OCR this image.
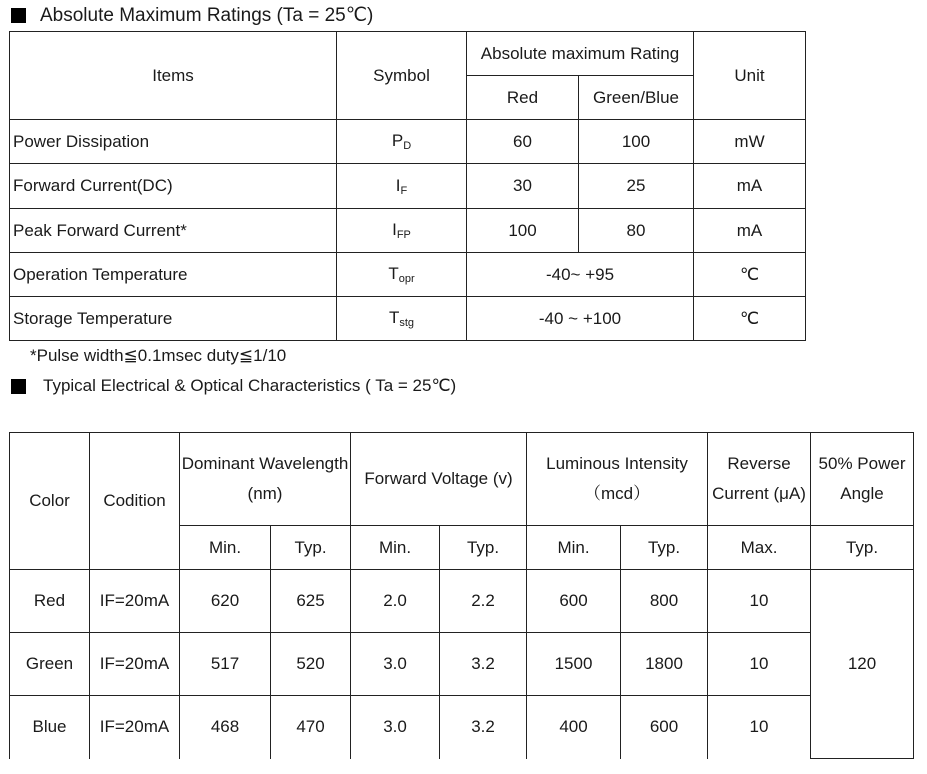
Absolute Maximum Ratings (Ta = 25℃)
Items	Symbol	Absolute maximum Rating		Unit
		Red	Green/Blue	
Power Dissipation	$P_D$	60	100	mW
Forward Current(DC)	$I_F$	30	25	mA
Peak Forward Current*	$I_{FP}$	100	80	mA
Operation Temperature	$T_{opr}$	-40~ +95		℃
Storage Temperature	$T_{stg}$	-40 ~ +100		℃
*Pulse width≦0.1msec duty≦1/10
Typical Electrical & Optical Characteristics ( Ta = 25℃)
Color	Codition	Dominant Wavelength (nm)		Forward Voltage (v)		Luminous Intensity （mcd）		Reverse Current (μA)	50% Power Angle
		Min.	Typ.	Min.	Typ.	Min.	Typ.	Max.	Typ.
Red	IF=20mA	620	625	2.0	2.2	600	800	10	120
Green	IF=20mA	517	520	3.0	3.2	1500	1800	10	
Blue	IF=20mA	468	470	3.0	3.2	400	600	10	
